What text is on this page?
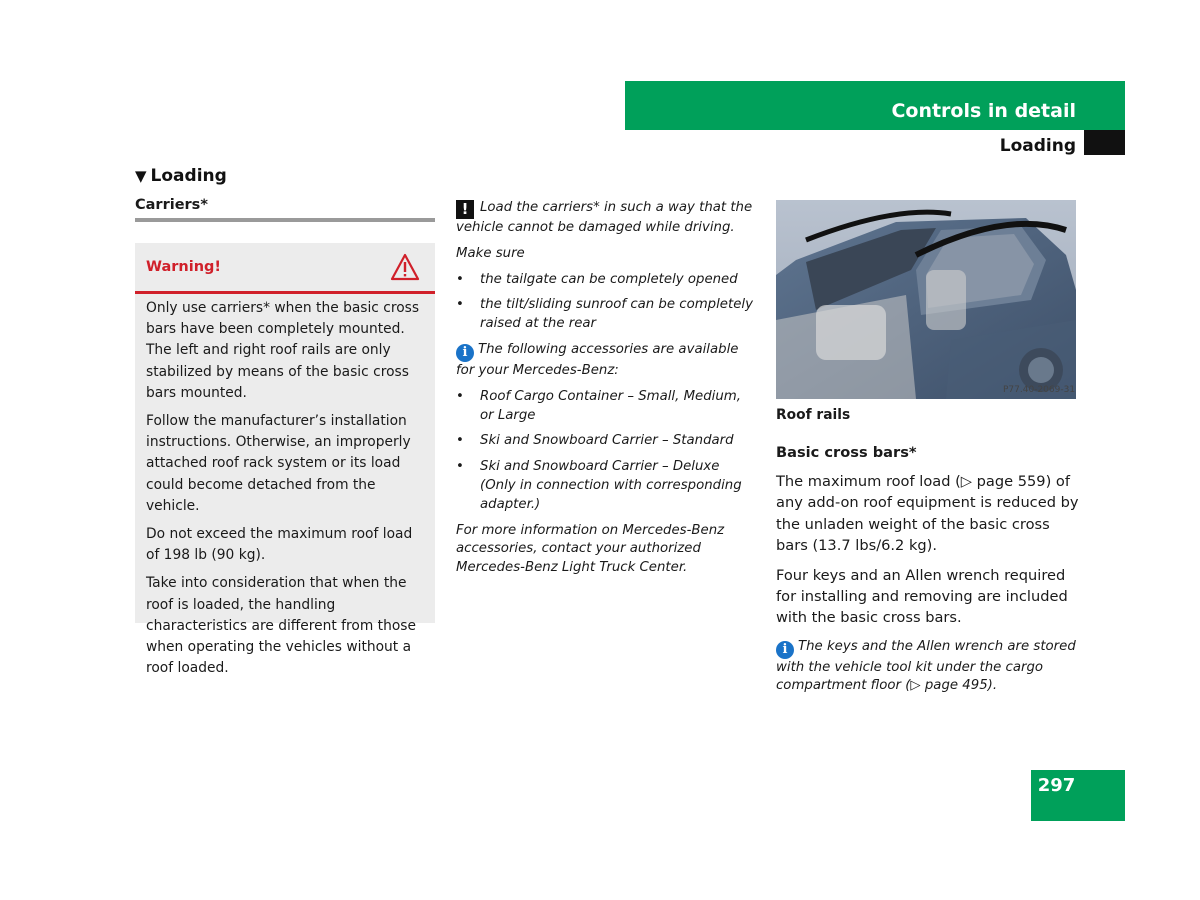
Controls in detail
Loading
▼ Loading
Carriers*
Warning!

Only use carriers* when the basic cross bars have been completely mounted. The left and right roof rails are only stabilized by means of the basic cross bars mounted.

Follow the manufacturer’s installation instructions. Otherwise, an improperly attached roof rack system or its load could become detached from the vehicle.

Do not exceed the maximum roof load of 198 lb (90 kg).

Take into consideration that when the roof is loaded, the handling characteristics are different from those when operating the vehicles without a roof loaded.

! Load the carriers* in such a way that the vehicle cannot be damaged while driving.

Make sure

• the tailgate can be completely opened
• the tilt/sliding sunroof can be completely raised at the rear

i The following accessories are available for your Mercedes-Benz:

• Roof Cargo Container – Small, Medium, or Large
• Ski and Snowboard Carrier – Standard
• Ski and Snowboard Carrier – Deluxe (Only in connection with corresponding adapter.)

For more information on Mercedes-Benz accessories, contact your authorized Mercedes-Benz Light Truck Center.

P77.40-2069-31
Roof rails

Basic cross bars*

The maximum roof load (▷ page 559) of any add-on roof equipment is reduced by the unladen weight of the basic cross bars (13.7 lbs/6.2 kg).

Four keys and an Allen wrench required for installing and removing are included with the basic cross bars.

i The keys and the Allen wrench are stored with the vehicle tool kit under the cargo compartment floor (▷ page 495).

297
